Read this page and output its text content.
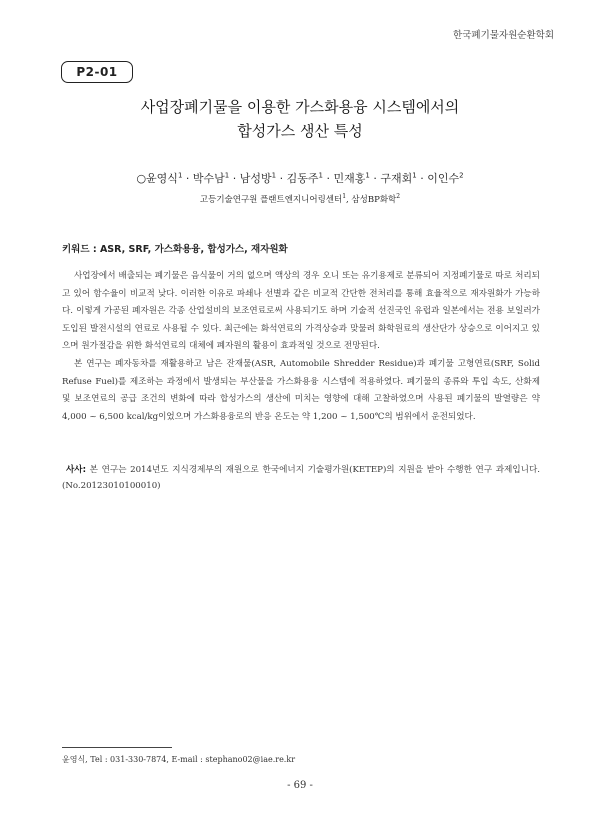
한국폐기물자원순환학회
P2-01
사업장폐기물을 이용한 가스화용융 시스템에서의
합성가스 생산 특성
○윤영식$^1$ · 박수남$^1$ · 남성방$^1$ · 김동주$^1$ · 민재홍$^1$ · 구재회$^1$ · 이인수$^2$
고등기술연구원 플랜트엔지니어링센터$^1$, 삼성BP화학$^2$
키워드 : ASR, SRF, 가스화용융, 합성가스, 재자원화

사업장에서 배출되는 폐기물은 음식물이 거의 없으며 액상의 경우 오니 또는 유기용제로 분류되어 지정폐기물로 따로 처리되고 있어 함수율이 비교적 낮다. 이러한 이유로 파쇄나 선별과 같은 비교적 간단한 전처리를 통해 효율적으로 재자원화가 가능하다. 이렇게 가공된 폐자원은 각종 산업설비의 보조연료로써 사용되기도 하며 기술적 선진국인 유럽과 일본에서는 전용 보일러가 도입된 발전시설의 연료로 사용될 수 있다. 최근에는 화석연료의 가격상승과 맞물려 화학원료의 생산단가 상승으로 이어지고 있으며 원가절감을 위한 화석연료의 대체에 폐자원의 활용이 효과적일 것으로 전망된다.

본 연구는 폐자동차를 재활용하고 남은 잔재물(ASR, Automobile Shredder Residue)과 폐기물 고형연료(SRF, Solid Refuse Fuel)를 제조하는 과정에서 발생되는 부산물을 가스화용융 시스템에 적용하였다. 폐기물의 종류와 투입 속도, 산화제 및 보조연료의 공급 조건의 변화에 따라 합성가스의 생산에 미치는 영향에 대해 고찰하였으며 사용된 폐기물의 발열량은 약 4,000 ~ 6,500 kcal/kg이었으며 가스화용융로의 반응 온도는 약 1,200 ~ 1,500℃의 범위에서 운전되었다.

사사: 본 연구는 2014년도 지식경제부의 재원으로 한국에너지 기술평가원(KETEP)의 지원을 받아 수행한 연구 과제입니다. (No.20123010100010)

윤영식, Tel : 031-330-7874, E-mail : stephano02@iae.re.kr
- 69 -
